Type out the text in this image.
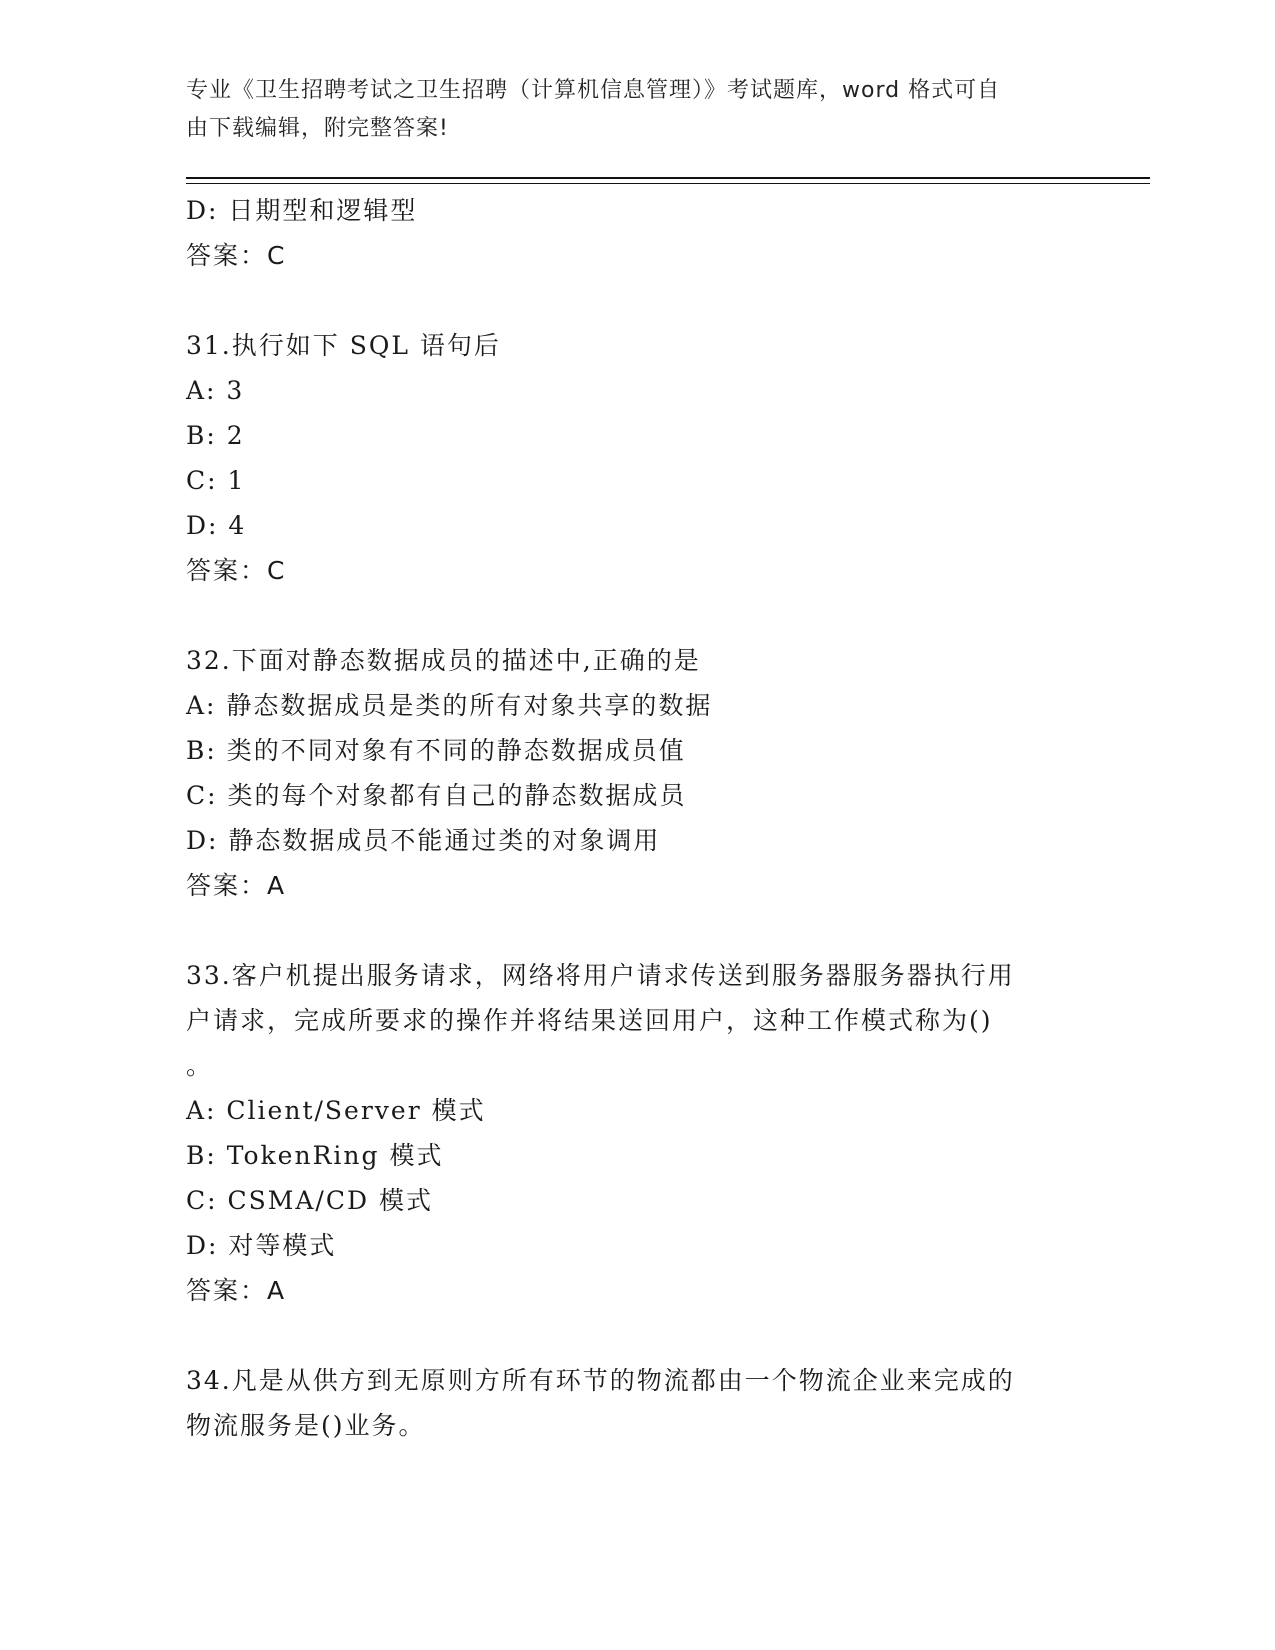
专业《卫生招聘考试之卫生招聘（计算机信息管理）》考试题库，word 格式可自
由下载编辑，附完整答案!
D: 日期型和逻辑型
答案：C
31.执行如下 SQL 语句后
A: 3
B: 2
C: 1
D: 4
答案：C
32.下面对静态数据成员的描述中,正确的是
A: 静态数据成员是类的所有对象共享的数据
B: 类的不同对象有不同的静态数据成员值
C: 类的每个对象都有自己的静态数据成员
D: 静态数据成员不能通过类的对象调用
答案：A
33.客户机提出服务请求，网络将用户请求传送到服务器服务器执行用
户请求，完成所要求的操作并将结果送回用户，这种工作模式称为()
。
A: Client/Server 模式
B: TokenRing 模式
C: CSMA/CD 模式
D: 对等模式
答案：A
34.凡是从供方到无原则方所有环节的物流都由一个物流企业来完成的
物流服务是()业务。
